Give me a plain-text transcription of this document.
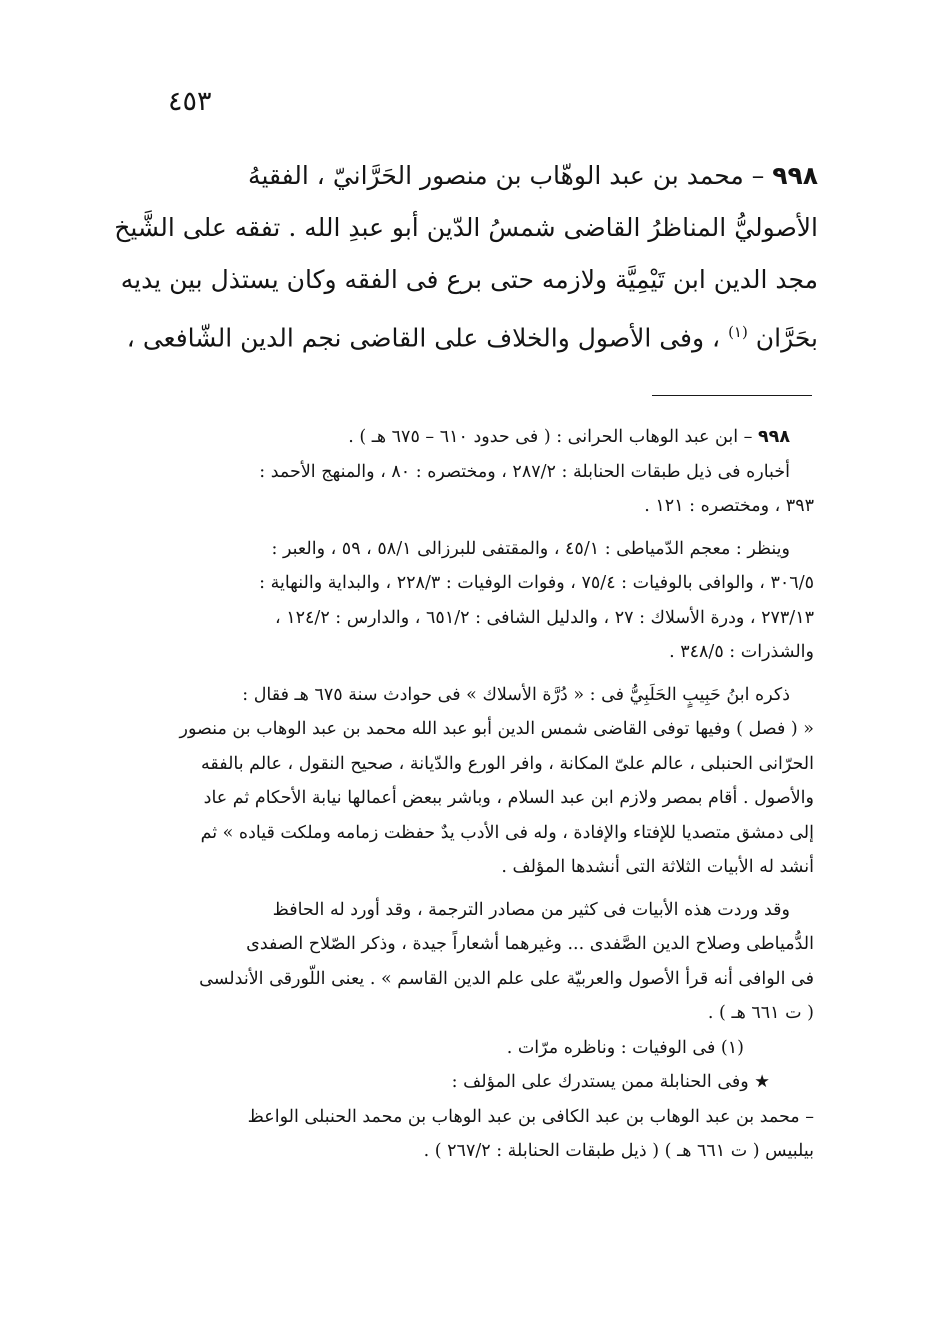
٤٥٣
٩٩٨ – محمد بن عبد الوهّاب بن منصور الحَرَّانيّ ، الفقيهُ
الأصوليُّ المناظرُ القاضى شمسُ الدّين أبو عبدِ الله . تفقه على الشَّيخ
مجد الدين ابن تَيْمِيَّة ولازمه حتى برع فى الفقه وكان يستذل بين يديه
بحَرَّان $^{(١)}$ ، وفى الأصول والخلاف على القاضى نجم الدين الشّافعى ،
٩٩٨ – ابن عبد الوهاب الحرانى : ( فى حدود ٦١٠ – ٦٧٥ هـ ) .
أخباره فى ذيل طبقات الحنابلة : ٢٨٧/٢ ، ومختصره : ٨٠ ، والمنهج الأحمد :
٣٩٣ ، ومختصره : ١٢١ .
وينظر : معجم الدّمياطى : ٤٥/١ ، والمقتفى للبرزالى ٥٨/١ ، ٥٩ ، والعبر :
٣٠٦/٥ ، والوافى بالوفيات : ٧٥/٤ ، وفوات الوفيات : ٢٢٨/٣ ، والبداية والنهاية :
٢٧٣/١٣ ، ودرة الأسلاك : ٢٧ ، والدليل الشافى : ٦٥١/٢ ، والدارس : ١٢٤/٢ ،
والشذرات : ٣٤٨/٥ .
ذكره ابنُ حَبِيبٍ الحَلَبِيُّ فى : « دُرَّة الأسلاك » فى حوادث سنة ٦٧٥ هـ فقال :
« ( فصل ) وفيها توفى القاضى شمس الدين أبو عبد الله محمد بن عبد الوهاب بن منصور
الحرّانى الحنبلى ، عالم علىّ المكانة ، وافر الورع والدّيانة ، صحيح النقول ، عالم بالفقه
والأصول . أقام بمصر ولازم ابن عبد السلام ، وباشر ببعض أعمالها نيابة الأحكام ثم عاد
إلى دمشق متصديا للإفتاء والإفادة ، وله فى الأدب يدٌ حفظت زمامه وملكت قياده » ثم
أنشد له الأبيات الثلاثة التى أنشدها المؤلف .
وقد وردت هذه الأبيات فى كثير من مصادر الترجمة ، وقد أورد له الحافظ
الدُّمياطى وصلاح الدين الصَّفدى ... وغيرهما أشعاراً جيدة ، وذكر الصّلاح الصفدى
فى الوافى أنه قرأ الأصول والعربيّة على علم الدين القاسم » . يعنى اللّورقى الأندلسى
( ت ٦٦١ هـ ) .
(١) فى الوفيات : وناظره مرّات .
★ وفى الحنابلة ممن يستدرك على المؤلف :
– محمد بن عبد الوهاب بن عبد الكافى بن عبد الوهاب بن محمد الحنبلى الواعظ
بيلبيس ( ت ٦٦١ هـ ) ( ذيل طبقات الحنابلة : ٢٦٧/٢ ) .
